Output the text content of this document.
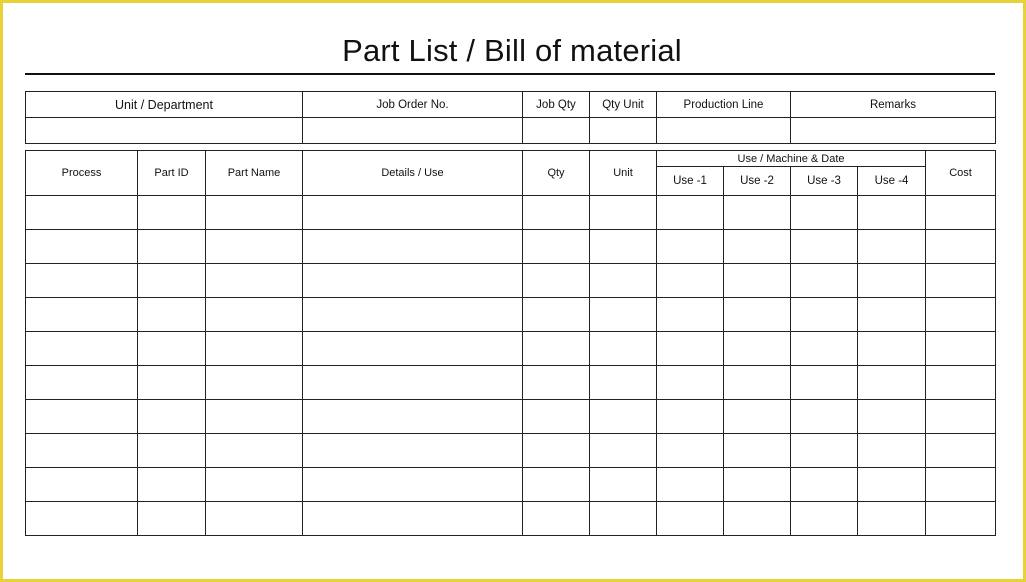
Part List / Bill of material
Unit / Department	Job Order No.	Job Qty	Qty Unit	Production Line	Remarks

Process	Part ID	Part Name	Details / Use	Qty	Unit	Use / Machine & Date				Cost
						Use -1	Use -2	Use -3	Use -4	
